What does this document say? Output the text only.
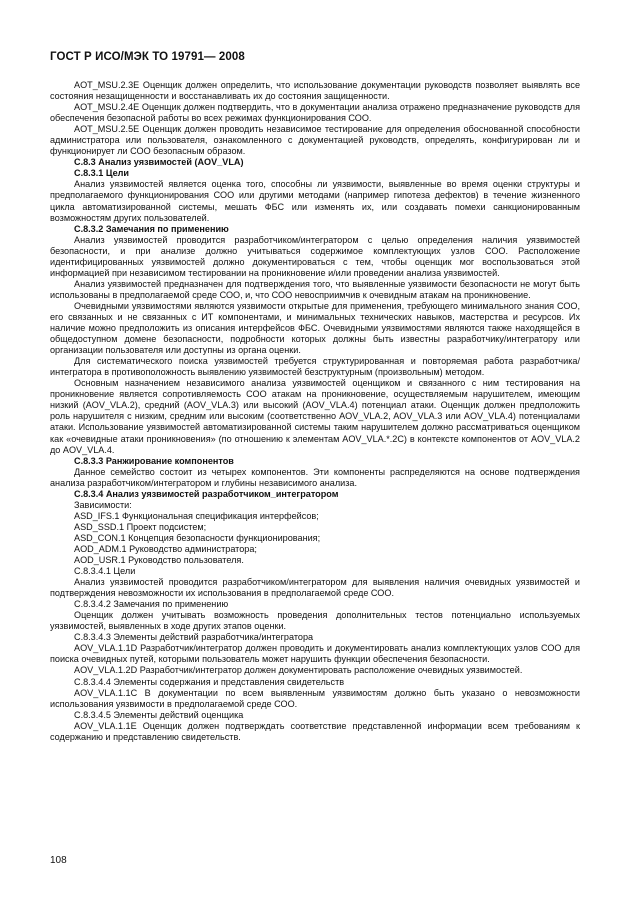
ГОСТ Р ИСО/МЭК ТО 19791— 2008

AOT_MSU.2.3E Оценщик должен определить, что использование документации руководств позволяет выявлять все состояния незащищенности и восстанавливать их до состояния защищенности.

AOT_MSU.2.4E Оценщик должен подтвердить, что в документации анализа отражено предназначение руководств для обеспечения безопасной работы во всех режимах функционирования СОО.

AOT_MSU.2.5E Оценщик должен проводить независимое тестирование для определения обоснованной способности администратора или пользователя, ознакомленного с документацией руководств, определять, конфигурирован ли и функционирует ли СОО безопасным образом.

С.8.3 Анализ уязвимостей (AOV_VLA)

С.8.3.1 Цели

Анализ уязвимостей является оценка того, способны ли уязвимости, выявленные во время оценки структуры и предполагаемого функционирования СОО или другими методами (например гипотеза дефектов) в течение жизненного цикла автоматизированной системы, мешать ФБС или изменять их, или создавать помехи санкционированным возможностям других пользователей.

С.8.3.2 Замечания по применению

Анализ уязвимостей проводится разработчиком/интегратором с целью определения наличия уязвимостей безопасности, и при анализе должно учитываться содержимое комплектующих узлов СОО. Расположение идентифицированных уязвимостей должно документироваться с тем, чтобы оценщик мог воспользоваться этой информацией при независимом тестировании на проникновение и/или проведении анализа уязвимостей.

Анализ уязвимостей предназначен для подтверждения того, что выявленные уязвимости безопасности не могут быть использованы в предполагаемой среде СОО, и, что СОО невосприимчив к очевидным атакам на проникновение.

Очевидными уязвимостями являются уязвимости открытые для применения, требующего минимального знания СОО, его связанных и не связанных с ИТ компонентами, и минимальных технических навыков, мастерства и ресурсов. Их наличие можно предположить из описания интерфейсов ФБС. Очевидными уязвимостями являются также находящейся в общедоступном домене безопасности, подробности которых должны быть известны разработчику/интегратору или организации пользователя или доступны из органа оценки.

Для систематического поиска уязвимостей требуется структурированная и повторяемая работа разработчика/интегратора в противоположность выявлению уязвимостей безструктурным (произвольным) методом.

Основным назначением независимого анализа уязвимостей оценщиком и связанного с ним тестирования на проникновение является сопротивляемость СОО атакам на проникновение, осуществляемым нарушителем, имеющим низкий (AOV_VLA.2), средний (AOV_VLA.3) или высокий (AOV_VLA.4) потенциал атаки. Оценщик должен предположить роль нарушителя с низким, средним или высоким (соответственно AOV_VLA.2, AOV_VLA.3 или AOV_VLA.4) потенциалами атаки. Использование уязвимостей автоматизированной системы таким нарушителем должно рассматриваться оценщиком как «очевидные атаки проникновения» (по отношению к элементам AOV_VLA.*.2C) в контексте компонентов от AOV_VLA.2 до AOV_VLA.4.

С.8.3.3 Ранжирование компонентов

Данное семейство состоит из четырех компонентов. Эти компоненты распределяются на основе подтверждения анализа разработчиком/интегратором и глубины независимого анализа.

С.8.3.4 Анализ уязвимостей разработчиком_интегратором

Зависимости:

ASD_IFS.1 Функциональная спецификация интерфейсов;

ASD_SSD.1 Проект подсистем;

ASD_CON.1 Концепция безопасности функционирования;

AOD_ADM.1 Руководство администратора;

AOD_USR.1 Руководство пользователя.

С.8.3.4.1 Цели

Анализ уязвимостей проводится разработчиком/интегратором для выявления наличия очевидных уязвимостей и подтверждения невозможности их использования в предполагаемой среде СОО.

С.8.3.4.2 Замечания по применению

Оценщик должен учитывать возможность проведения дополнительных тестов потенциально используемых уязвимостей, выявленных в ходе других этапов оценки.

С.8.3.4.3 Элементы действий разработчика/интегратора

AOV_VLA.1.1D Разработчик/интегратор должен проводить и документировать анализ комплектующих узлов СОО для поиска очевидных путей, которыми пользователь может нарушить функции обеспечения безопасности.

AOV_VLA.1.2D Разработчик/интегратор должен документировать расположение очевидных уязвимостей.

С.8.3.4.4 Элементы содержания и представления свидетельств

AOV_VLA.1.1C В документации по всем выявленным уязвимостям должно быть указано о невозможности использования уязвимости в предполагаемой среде СОО.

С.8.3.4.5 Элементы действий оценщика

AOV_VLA.1.1E Оценщик должен подтверждать соответствие представленной информации всем требованиям к содержанию и представлению свидетельств.

108
